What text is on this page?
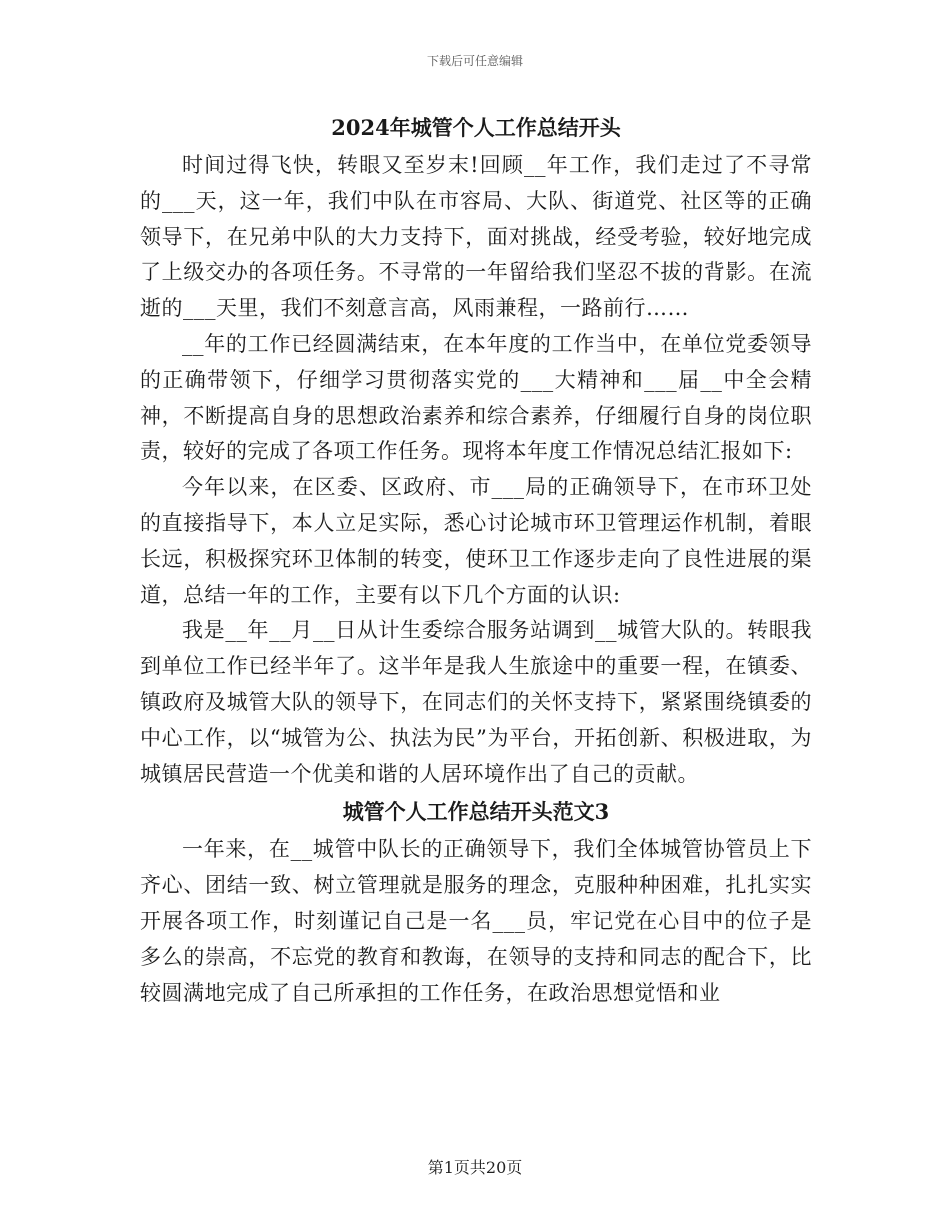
下载后可任意编辑
2024年城管个人工作总结开头

时间过得飞快，转眼又至岁末!回顾__年工作，我们走过了不寻常的___天，这一年，我们中队在市容局、大队、街道党、社区等的正确领导下，在兄弟中队的大力支持下，面对挑战，经受考验，较好地完成了上级交办的各项任务。不寻常的一年留给我们坚忍不拔的背影。在流逝的___天里，我们不刻意言高，风雨兼程，一路前行……

__年的工作已经圆满结束，在本年度的工作当中，在单位党委领导的正确带领下，仔细学习贯彻落实党的___大精神和___届__中全会精神，不断提高自身的思想政治素养和综合素养，仔细履行自身的岗位职责，较好的完成了各项工作任务。现将本年度工作情况总结汇报如下:

今年以来，在区委、区政府、市___局的正确领导下，在市环卫处的直接指导下，本人立足实际，悉心讨论城市环卫管理运作机制，着眼长远，积极探究环卫体制的转变，使环卫工作逐步走向了良性进展的渠道，总结一年的工作，主要有以下几个方面的认识:

我是__年__月__日从计生委综合服务站调到__城管大队的。转眼我到单位工作已经半年了。这半年是我人生旅途中的重要一程，在镇委、镇政府及城管大队的领导下，在同志们的关怀支持下，紧紧围绕镇委的中心工作，以“城管为公、执法为民”为平台，开拓创新、积极进取，为城镇居民营造一个优美和谐的人居环境作出了自己的贡献。

城管个人工作总结开头范文3

一年来，在__城管中队长的正确领导下，我们全体城管协管员上下齐心、团结一致、树立管理就是服务的理念，克服种种困难，扎扎实实开展各项工作，时刻谨记自己是一名___员，牢记党在心目中的位子是多么的崇高，不忘党的教育和教诲，在领导的支持和同志的配合下，比较圆满地完成了自己所承担的工作任务，在政治思想觉悟和业

第1页共20页
